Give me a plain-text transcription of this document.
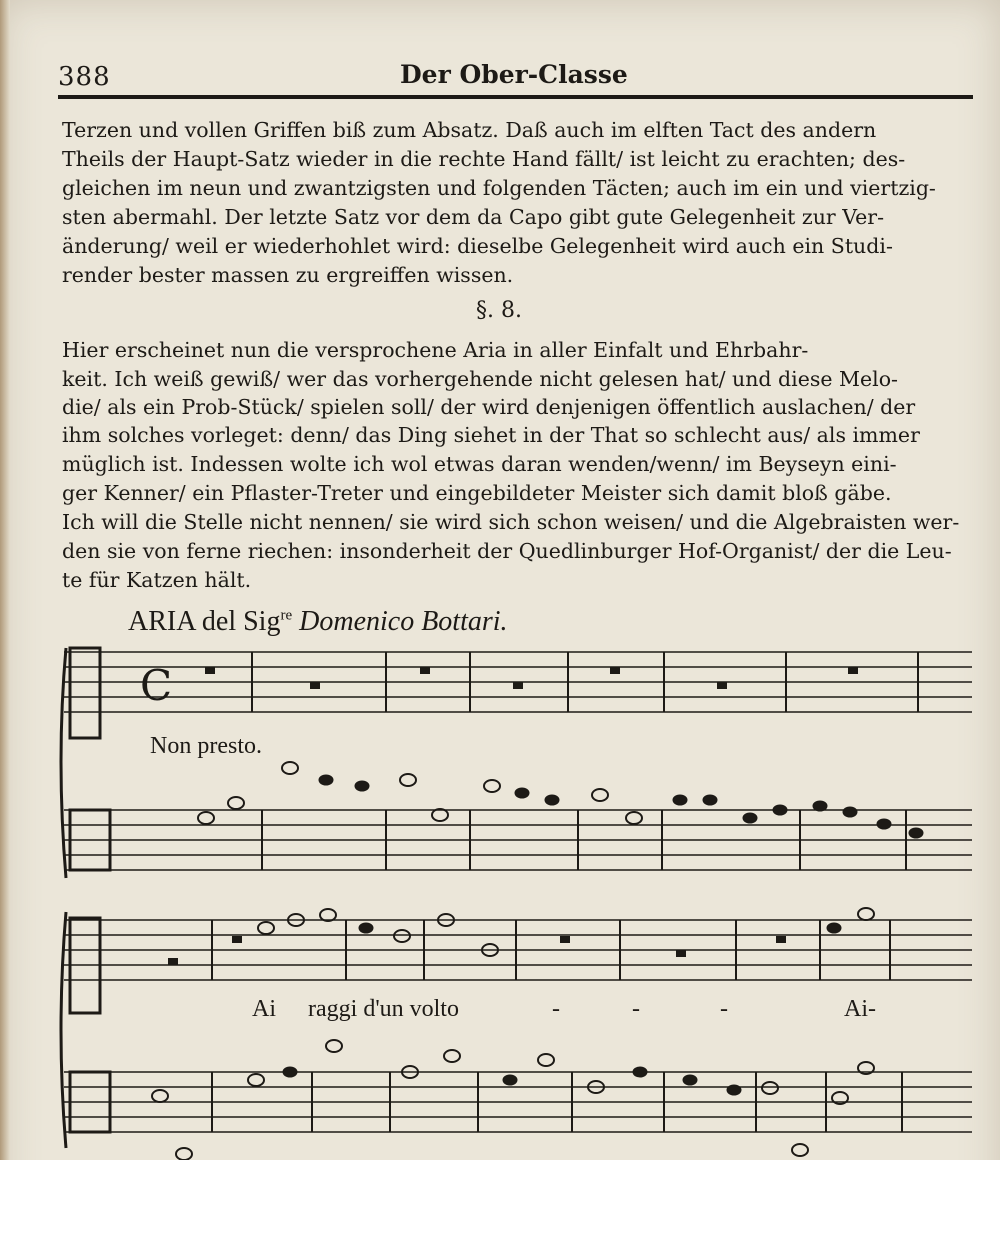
388	Der Ober-Classe
Terzen und vollen Griffen biß zum Absatz. Daß auch im elften Tact des andern
Theils der Haupt-Satz wieder in die rechte Hand fällt/ ist leicht zu erachten; des-
gleichen im neun und zwantzigsten und folgenden Täcten; auch im ein und viertzig-
sten abermahl. Der letzte Satz vor dem da Capo gibt gute Gelegenheit zur Ver-
änderung/ weil er wiederhohlet wird: dieselbe Gelegenheit wird auch ein Studi-
render bester massen zu ergreiffen wissen.
§. 8.
Hier erscheinet nun die versprochene Aria in aller Einfalt und Ehrbahr-
keit. Ich weiß gewiß/ wer das vorhergehende nicht gelesen hat/ und diese Melo-
die/ als ein Prob-Stück/ spielen soll/ der wird denjenigen öffentlich auslachen/ der
ihm solches vorleget: denn/ das Ding siehet in der That so schlecht aus/ als immer
müglich ist. Indessen wolte ich wol etwas daran wenden/wenn/ im Beyseyn eini-
ger Kenner/ ein Pflaster-Treter und eingebildeter Meister sich damit bloß gäbe.
Ich will die Stelle nicht nennen/ sie wird sich schon weisen/ und die Algebraisten wer-
den sie von ferne riechen: insonderheit der Quedlinburger Hof-Organist/ der die Leu-
te für Katzen hält.
ARIA del Sig$^{re}$ Domenico Bottari.
C
Non presto.
Ai raggi d'un volto	-	-	-	Ai-
